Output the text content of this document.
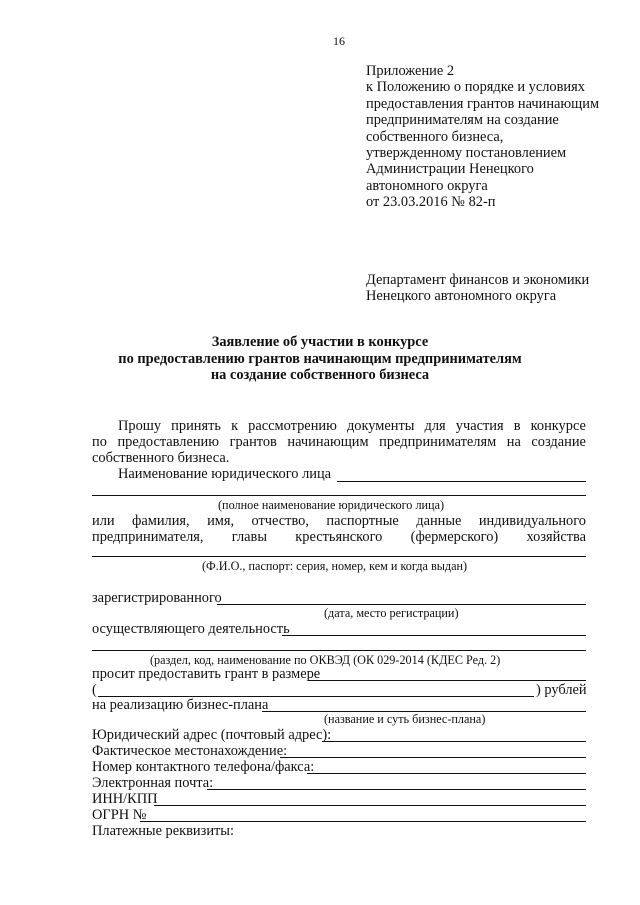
16
Приложение 2
к Положению о порядке и условиях
предоставления грантов начинающим
предпринимателям на создание
собственного бизнеса,
утвержденному постановлением
Администрации Ненецкого
автономного округа
от 23.03.2016 № 82-п
Департамент финансов и экономики
Ненецкого автономного округа
Заявление об участии в конкурсе
по предоставлению грантов начинающим предпринимателям
на создание собственного бизнеса
Прошу принять к рассмотрению документы для участия в конкурсе
по предоставлению грантов начинающим предпринимателям на создание
собственного бизнеса.
Наименование юридического лица
(полное наименование юридического лица)
или фамилия, имя, отчество, паспортные данные индивидуального
предпринимателя, главы крестьянского (фермерского) хозяйства
(Ф.И.О., паспорт: серия, номер, кем и когда выдан)
зарегистрированного
(дата, место регистрации)
осуществляющего деятельность
(раздел, код, наименование по ОКВЭД (ОК 029-2014 (КДЕС Ред. 2)
просит предоставить грант в размере
(	) рублей
на реализацию бизнес-плана
(название и суть бизнес-плана)
Юридический адрес (почтовый адрес):
Фактическое местонахождение:
Номер контактного телефона/факса:
Электронная почта:
ИНН/КПП
ОГРН №
Платежные реквизиты:
